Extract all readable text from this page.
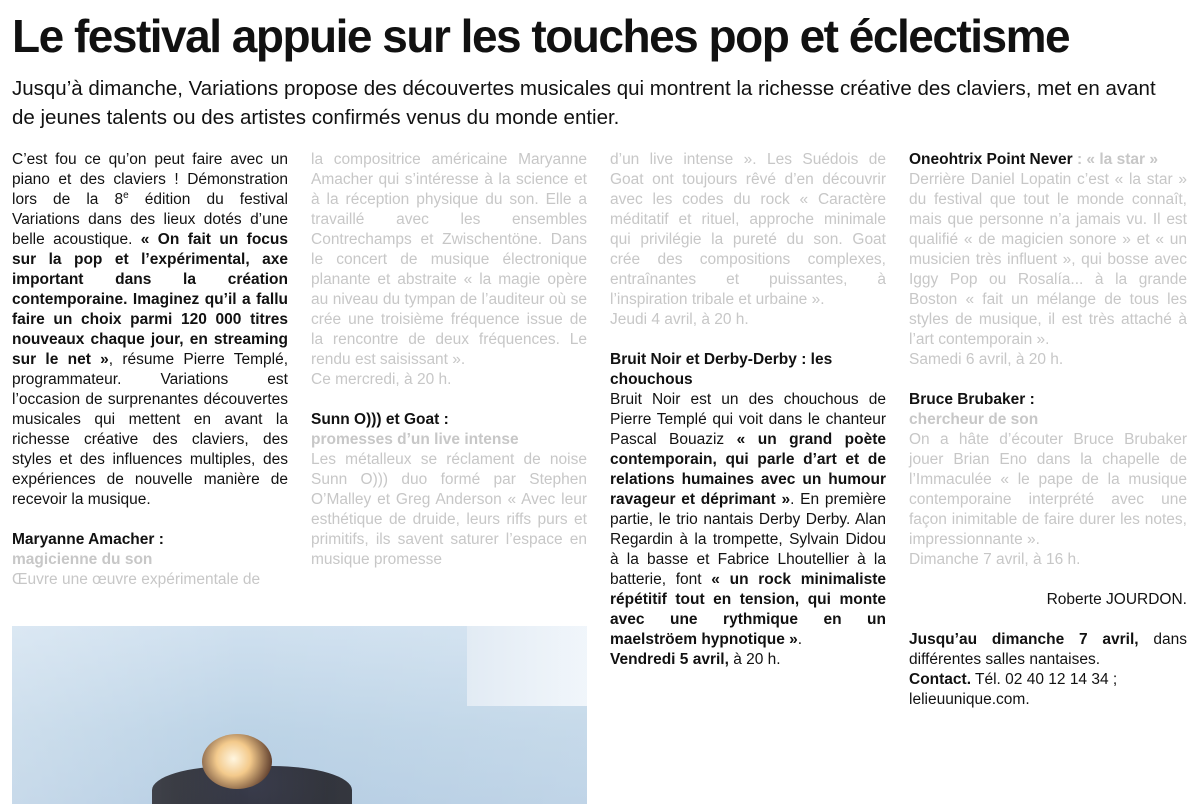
Le festival appuie sur les touches pop et éclectisme

Jusqu’à dimanche, Variations propose des découvertes musicales qui montrent la richesse créative des claviers, met en avant de jeunes talents ou des artistes confirmés venus du monde entier.

C’est fou ce qu’on peut faire avec un piano et des claviers ! Démonstration lors de la 8e édition du festival Variations dans des lieux dotés d’une belle acoustique. « On fait un focus sur la pop et l’expérimental, axe important dans la création contemporaine. Imaginez qu’il a fallu faire un choix parmi 120 000 titres nouveaux chaque jour, en streaming sur le net », résume Pierre Templé, programmateur. Variations est l’occasion de surprenantes découvertes musicales qui mettent en avant la richesse créative des claviers, des styles et des influences multiples, des expériences de nouvelle manière de recevoir la musique.
Maryanne Amacher :
magicienne du son
Œuvre une œuvre expérimentale de
la compositrice américaine Maryanne Amacher qui s’intéresse à la science et à la réception physique du son. Elle a travaillé avec les ensembles Contrechamps et Zwischentöne. Dans le concert de musique électronique planante et abstraite « la magie opère au niveau du tympan de l’auditeur où se crée une troisième fréquence issue de la rencontre de deux fréquences. Le rendu est saisissant ».
Ce mercredi, à 20 h.
Sunn O))) et Goat :
promesses d’un live intense
Les métalleux se réclament de noise Sunn O))) duo formé par Stephen O’Malley et Greg Anderson « Avec leur esthétique de druide, leurs riffs purs et primitifs, ils savent saturer l’espace en musique promesse
d’un live intense ». Les Suédois de Goat ont toujours rêvé d’en découvrir avec les codes du rock « Caractère méditatif et rituel, approche minimale qui privilégie la pureté du son. Goat crée des compositions complexes, entraînantes et puissantes, à l’inspiration tribale et urbaine ».
Jeudi 4 avril, à 20 h.
Bruit Noir et Derby-Derby : les chouchous
Bruit Noir est un des chouchous de Pierre Templé qui voit dans le chanteur Pascal Bouaziz « un grand poète contemporain, qui parle d’art et de relations humaines avec un humour ravageur et déprimant ». En première partie, le trio nantais Derby Derby. Alan Regardin à la trompette, Sylvain Didou à la basse et Fabrice Lhoutellier à la batterie, font « un rock minimaliste répétitif tout en tension, qui monte avec une rythmique en un maelströem hypnotique ».
Vendredi 5 avril, à 20 h.
Oneohtrix Point Never : « la star »
Derrière Daniel Lopatin c’est « la star » du festival que tout le monde connaît, mais que personne n’a jamais vu. Il est qualifié « de magicien sonore » et « un musicien très influent », qui bosse avec Iggy Pop ou Rosalía... à la grande Boston « fait un mélange de tous les styles de musique, il est très attaché à l’art contemporain ».
Samedi 6 avril, à 20 h.
Bruce Brubaker :
chercheur de son
On a hâte d’écouter Bruce Brubaker jouer Brian Eno dans la chapelle de l’Immaculée « le pape de la musique contemporaine interprété avec une façon inimitable de faire durer les notes, impressionnante ».
Dimanche 7 avril, à 16 h.
Roberte JOURDON.
Jusqu’au dimanche 7 avril, dans différentes salles nantaises.
Contact. Tél. 02 40 12 14 34 ; lelieuunique.com.
